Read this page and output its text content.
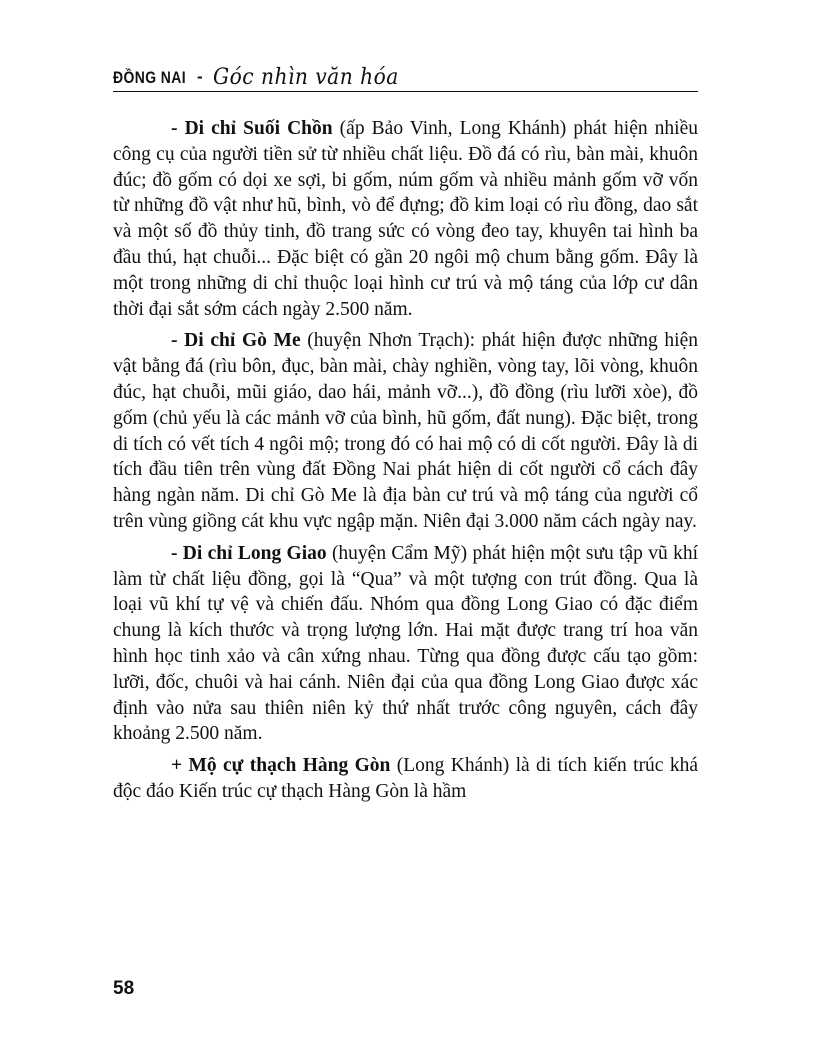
ĐỒNG NAI - Góc nhìn văn hóa

- Di chỉ Suối Chồn (ấp Bảo Vinh, Long Khánh) phát hiện nhiều công cụ của người tiền sử từ nhiều chất liệu. Đồ đá có rìu, bàn mài, khuôn đúc; đồ gốm có dọi xe sợi, bi gốm, núm gốm và nhiều mảnh gốm vỡ vốn từ những đồ vật như hũ, bình, vò để đựng; đồ kim loại có rìu đồng, dao sắt và một số đồ thủy tinh, đồ trang sức có vòng đeo tay, khuyên tai hình ba đầu thú, hạt chuỗi... Đặc biệt có gần 20 ngôi mộ chum bằng gốm. Đây là một trong những di chỉ thuộc loại hình cư trú và mộ táng của lớp cư dân thời đại sắt sớm cách ngày 2.500 năm.

- Di chỉ Gò Me (huyện Nhơn Trạch): phát hiện được những hiện vật bằng đá (rìu bôn, đục, bàn mài, chày nghiền, vòng tay, lõi vòng, khuôn đúc, hạt chuỗi, mũi giáo, dao hái, mảnh vỡ...), đồ đồng (rìu lưỡi xòe), đồ gốm (chủ yếu là các mảnh vỡ của bình, hũ gốm, đất nung). Đặc biệt, trong di tích có vết tích 4 ngôi mộ; trong đó có hai mộ có di cốt người. Đây là di tích đầu tiên trên vùng đất Đồng Nai phát hiện di cốt người cổ cách đây hàng ngàn năm. Di chỉ Gò Me là địa bàn cư trú và mộ táng của người cổ trên vùng giồng cát khu vực ngập mặn. Niên đại 3.000 năm cách ngày nay.

- Di chỉ Long Giao (huyện Cẩm Mỹ) phát hiện một sưu tập vũ khí làm từ chất liệu đồng, gọi là “Qua” và một tượng con trút đồng. Qua là loại vũ khí tự vệ và chiến đấu. Nhóm qua đồng Long Giao có đặc điểm chung là kích thước và trọng lượng lớn. Hai mặt được trang trí hoa văn hình học tinh xảo và cân xứng nhau. Từng qua đồng được cấu tạo gồm: lưỡi, đốc, chuôi và hai cánh. Niên đại của qua đồng Long Giao được xác định vào nửa sau thiên niên kỷ thứ nhất trước công nguyên, cách đây khoảng 2.500 năm.

+ Mộ cự thạch Hàng Gòn (Long Khánh) là di tích kiến trúc khá độc đáo Kiến trúc cự thạch Hàng Gòn là hầm

58
